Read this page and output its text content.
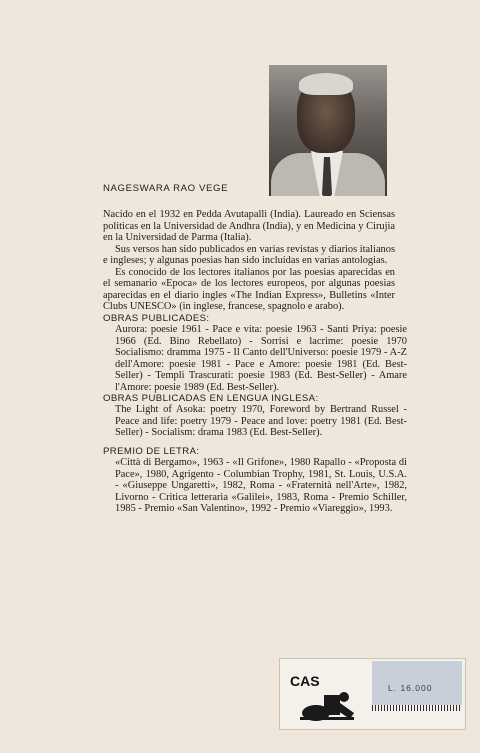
NAGESWARA RAO VEGE

Nacido en el 1932 en Pedda Avutapalli (India). Laureado en Sciensas politicas en la Universidad de Andhra (India), y en Medicina y Cirujia en la Universidad de Parma (Italia).

Sus versos han sido publicados en varias revistas y diarios italianos e ingleses; y algunas poesias han sido incluidas en varias antologias.

Es conocido de los lectores italianos por las poesias aparecidas en el semanario «Epoca» de los lectores europeos, por algunas poesias aparecidas en el diario ingles «The Indian Express», Bulletins «Inter Clubs UNESCO» (in inglese, francese, spagnolo e arabo).

OBRAS PUBLICADES:
Aurora: poesie 1961 - Pace e vita: poesie 1963 - Santi Priya: poesie 1966 (Ed. Bino Rebellato) - Sorrisi e lacrime: poesie 1970 Socialismo: dramma 1975 - Il Canto dell'Universo: poesie 1979 - A-Z dell'Amore: poesie 1981 - Pace e Amore: poesie 1981 (Ed. Best-Seller) - Templi Trascurati: poesie 1983 (Ed. Best-Seller) - Amare l'Amore: poesie 1989 (Ed. Best-Seller).
OBRAS PUBLICADAS EN LENGUA INGLESA:
The Light of Asoka: poetry 1970, Foreword by Bertrand Russel - Peace and life: poetry 1979 - Peace and love: poetry 1981 (Ed. Best-Seller) - Socialism: drama 1983 (Ed. Best-Seller).
PREMIO DE LETRA:
«Città di Bergamo», 1963 - «Il Grifone», 1980 Rapallo - «Proposta di Pace», 1980, Agrigento - Columbian Trophy, 1981, St. Louis, U.S.A. - «Giuseppe Ungaretti», 1982, Roma - «Fraternità nell'Arte», 1982, Livorno - Critica letteraria «Galilei», 1983, Roma - Premio Schiller, 1985 - Premio «San Valentino», 1992 - Premio «Viareggio», 1993.
CAS	L. 16.000
